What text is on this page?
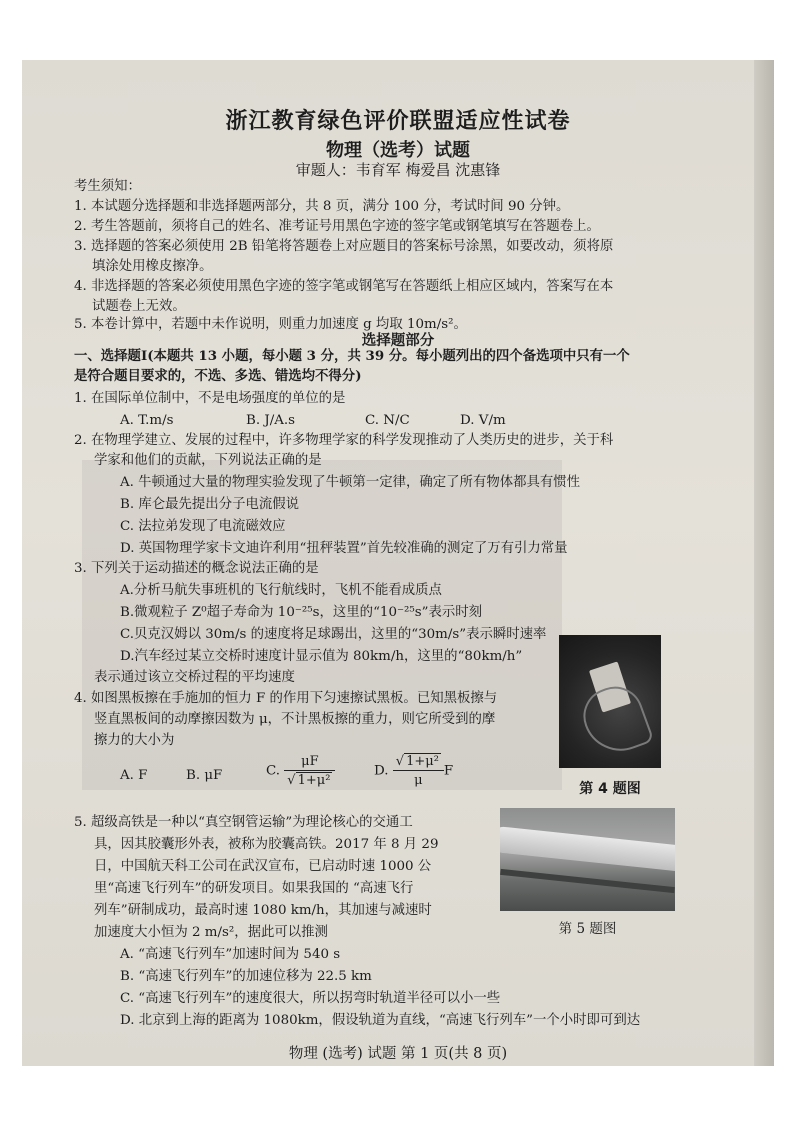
浙江教育绿色评价联盟适应性试卷
物理（选考）试题
审题人：韦育军 梅爱昌 沈惠锋
考生须知：
1. 本试题分选择题和非选择题两部分，共 8 页，满分 100 分，考试时间 90 分钟。
2. 考生答题前，须将自己的姓名、准考证号用黑色字迹的签字笔或钢笔填写在答题卷上。
3. 选择题的答案必须使用 2B 铅笔将答题卷上对应题目的答案标号涂黑，如要改动，须将原
填涂处用橡皮擦净。
4. 非选择题的答案必须使用黑色字迹的签字笔或钢笔写在答题纸上相应区域内，答案写在本
试题卷上无效。
5. 本卷计算中，若题中未作说明，则重力加速度 g 均取 10m/s²。
选择题部分
一、选择题Ⅰ(本题共 13 小题，每小题 3 分，共 39 分。每小题列出的四个备选项中只有一个
是符合题目要求的，不选、多选、错选均不得分)
1. 在国际单位制中，不是电场强度的单位的是
A. T.m/s	B. J/A.s	C. N/C	D. V/m
2. 在物理学建立、发展的过程中，许多物理学家的科学发现推动了人类历史的进步，关于科
学家和他们的贡献，下列说法正确的是
A. 牛顿通过大量的物理实验发现了牛顿第一定律，确定了所有物体都具有惯性
B. 库仑最先提出分子电流假说
C. 法拉弟发现了电流磁效应
D. 英国物理学家卡文迪许利用“扭秤装置”首先较准确的测定了万有引力常量
3. 下列关于运动描述的概念说法正确的是
A.分析马航失事班机的飞行航线时，飞机不能看成质点
B.微观粒子 Z⁰超子寿命为 10⁻²⁵s，这里的“10⁻²⁵s”表示时刻
C.贝克汉姆以 30m/s 的速度将足球踢出，这里的“30m/s”表示瞬时速率
D.汽车经过某立交桥时速度计显示值为 80km/h，这里的“80km/h”
表示通过该立交桥过程的平均速度
第 4 题图
4. 如图黑板擦在手施加的恒力 F 的作用下匀速擦试黑板。已知黑板擦与
竖直黑板间的动摩擦因数为 μ，不计黑板擦的重力，则它所受到的摩
擦力的大小为
A. F	B. μF	C. $\frac{\mu F}{\text{√ 1+μ²}}$	D. $\frac{\text{√ 1+μ²}}{\mu}$ F
第 5 题图
5. 超级高铁是一种以“真空钢管运输”为理论核心的交通工
具，因其胶囊形外表，被称为胶囊高铁。2017 年 8 月 29
日，中国航天科工公司在武汉宣布，已启动时速 1000 公
里“高速飞行列车”的研发项目。如果我国的 “高速飞行
列车”研制成功，最高时速 1080 km/h，其加速与减速时
加速度大小恒为 2 m/s²，据此可以推测
A. “高速飞行列车”加速时间为 540 s
B. “高速飞行列车”的加速位移为 22.5 km
C. “高速飞行列车”的速度很大，所以拐弯时轨道半径可以小一些
D. 北京到上海的距离为 1080km，假设轨道为直线，“高速飞行列车”一个小时即可到达
物理 (选考) 试题 第 1 页(共 8 页)
